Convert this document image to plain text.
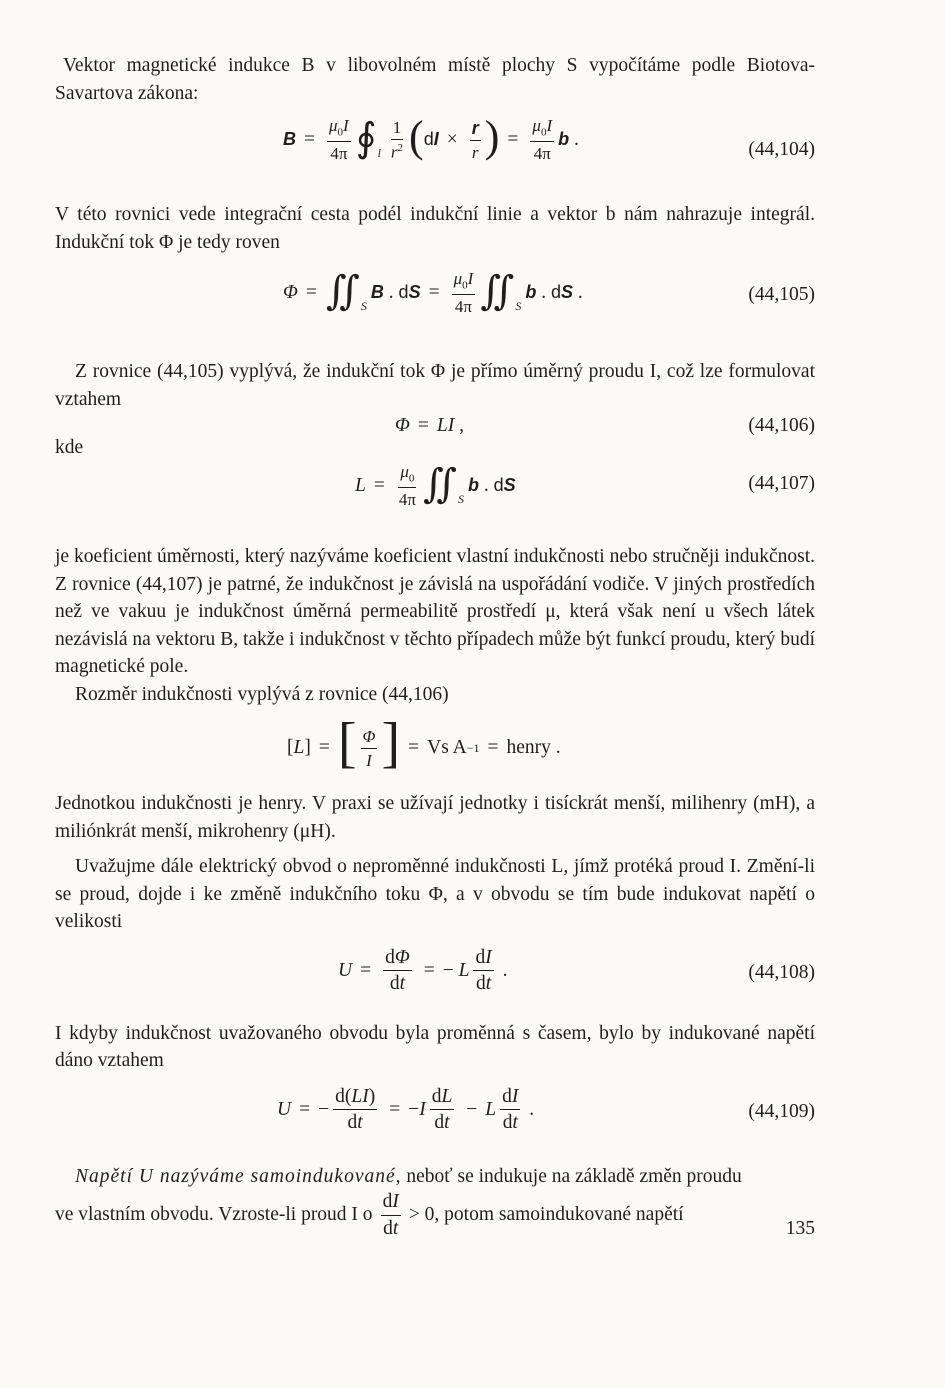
Vektor magnetické indukce B v libovolném místě plochy S vypočítáme podle Biotova-Savartova zákona:

$B = \frac{\mu_0I}{4\pi}$ ∮ l $\frac{1}{r^2}$ ( d $I \times \frac{r}{r}$ ) = $\frac{\mu_0I}{4\pi}$ b .	(44,104)

V této rovnici vede integrační cesta podél indukční linie a vektor b nám nahrazuje integrál. Indukční tok Φ je tedy roven

Φ = ∬ S
B . d $S = \frac{\mu_0I}{4\pi}$ ∬ S
b . d S .	(44,105)

Z rovnice (44,105) vyplývá, že indukční tok Φ je přímo úměrný proudu I, což lze formulovat vztahem

Φ = LI ,	(44,106)
kde
$L = \frac{\mu_0}{4\pi}$ ∬ S
b . d S	(44,107)

je koeficient úměrnosti, který nazýváme koeficient vlastní indukčnosti nebo stručněji indukčnost. Z rovnice (44,107) je patrné, že indukčnost je závislá na uspořádání vodiče. V jiných prostředích než ve vakuu je indukčnost úměrná permeabilitě prostředí μ, která však není u všech látek nezávislá na vektoru B, takže i indukčnost v těchto případech může být funkcí proudu, který budí magnetické pole.

Rozměr indukčnosti vyplývá z rovnice (44,106)

[ L ] = [ $\frac{\Phi}{I}$ ] = Vs A −1 = henry .

Jednotkou indukčnosti je henry. V praxi se užívají jednotky i tisíckrát menší, milihenry (mH), a miliónkrát menší, mikrohenry (μH).

Uvažujme dále elektrický obvod o neproměnné indukčnosti L, jímž protéká proud I. Změní-li se proud, dojde i ke změně indukčního toku Φ, a v obvodu se tím bude indukovat napětí o velikosti

$U = \frac{d\Phi}{dt}$ = − L $\frac{dI}{dt}$ .	(44,108)

I kdyby indukčnost uvažovaného obvodu byla proměnná s časem, bylo by indukované napětí dáno vztahem

U = − $\frac{d(LI)}{dt}$ = − I $\frac{dL}{dt} - L \frac{dI}{dt}$ .	(44,109)

Napětí U nazýváme samoindukované, neboť se indukuje na základě změn proudu

ve vlastním obvodu. Vzroste-li proud I o $\frac{dI}{dt} > 0$, potom samoindukované napětí

135
